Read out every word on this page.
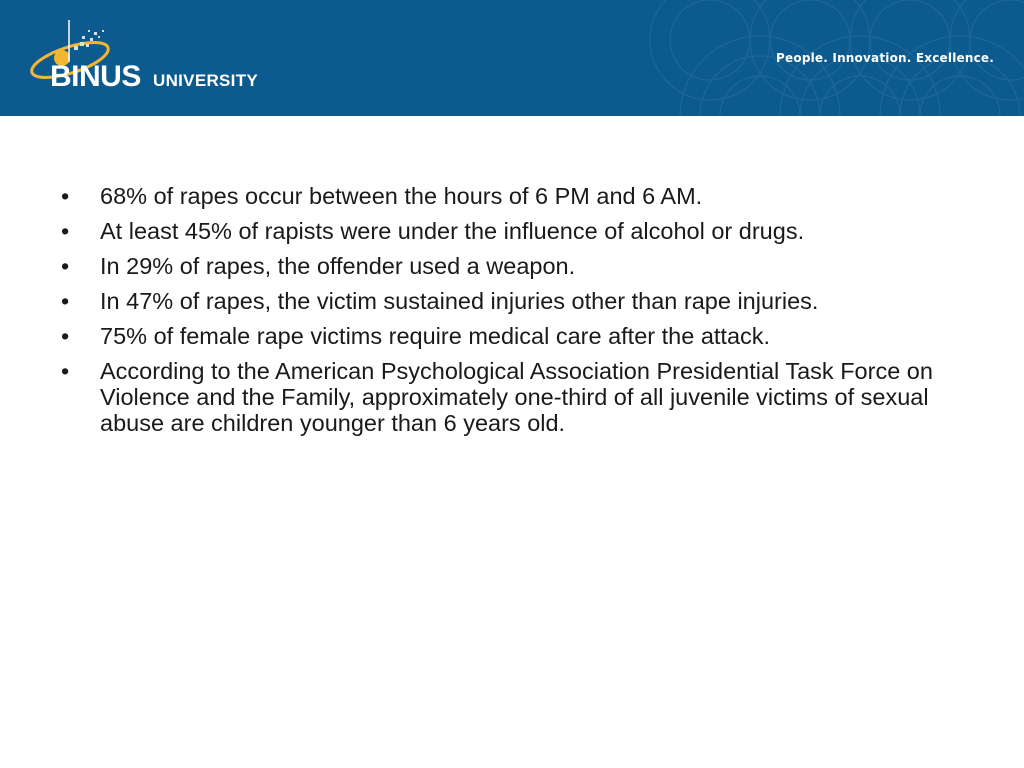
BINUS UNIVERSITY
People. Innovation. Excellence.
• 68% of rapes occur between the hours of 6 PM and 6 AM.
• At least 45% of rapists were under the influence of alcohol or drugs.
• In 29% of rapes, the offender used a weapon.
• In 47% of rapes, the victim sustained injuries other than rape injuries.
• 75% of female rape victims require medical care after the attack.
• According to the American Psychological Association Presidential Task Force on Violence and the Family, approximately one-third of all juvenile victims of sexual abuse are children younger than 6 years old.
